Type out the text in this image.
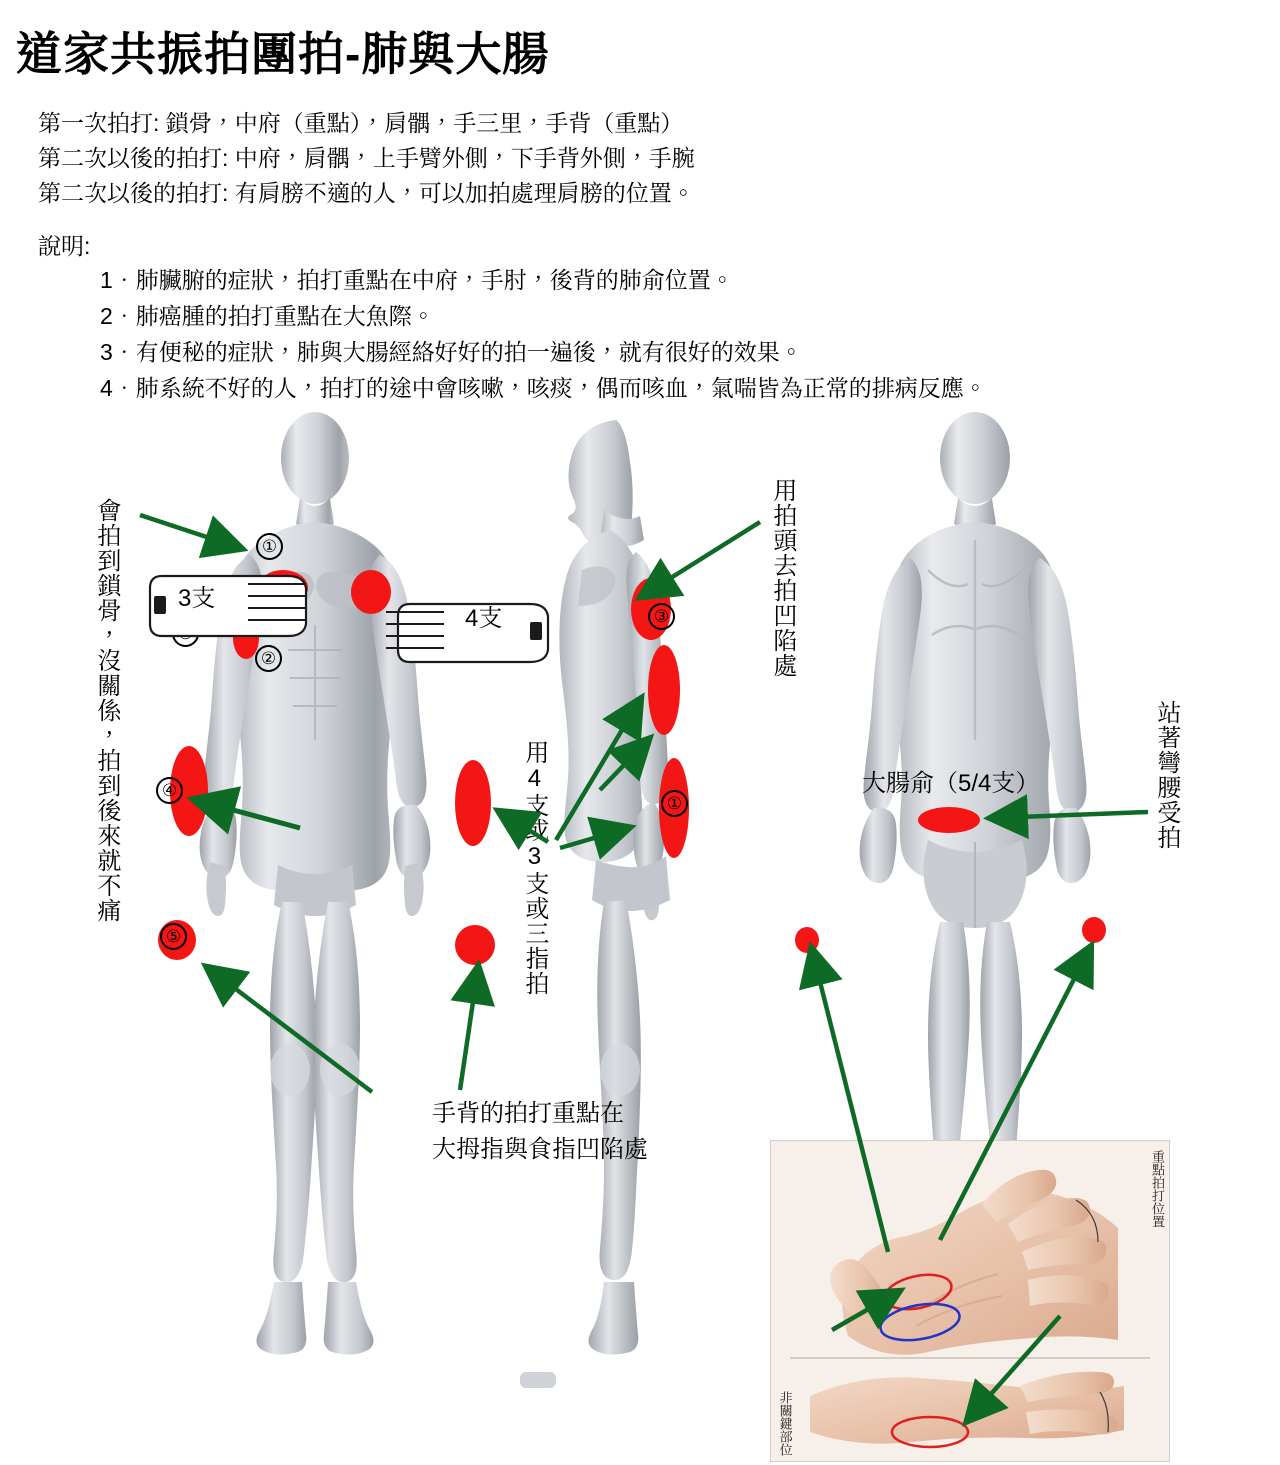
道家共振拍團拍-肺與大腸
第一次拍打: 鎖骨，中府（重點），肩髃，手三里，手背（重點）
第二次以後的拍打: 中府，肩髃，上手臂外側，下手背外側，手腕
第二次以後的拍打: 有肩膀不適的人，可以加拍處理肩膀的位置。
說明:
1．肺臟腑的症狀，拍打重點在中府，手肘，後背的肺俞位置。
2．肺癌腫的拍打重點在大魚際。
3．有便秘的症狀，肺與大腸經絡好好的拍一遍後，就有很好的效果。
4．肺系統不好的人，拍打的途中會咳嗽，咳痰，偶而咳血，氣喘皆為正常的排病反應。
①
②
④
⑤
③
①
3支
4支
會拍到鎖骨，沒關係，拍到後來就不痛	用拍頭去拍凹陷處
用4支或3支或三指拍	站著彎腰受拍
大腸俞（5/4支）
手背的拍打重點在
大拇指與食指凹陷處
重點拍打位置
非關鍵部位
